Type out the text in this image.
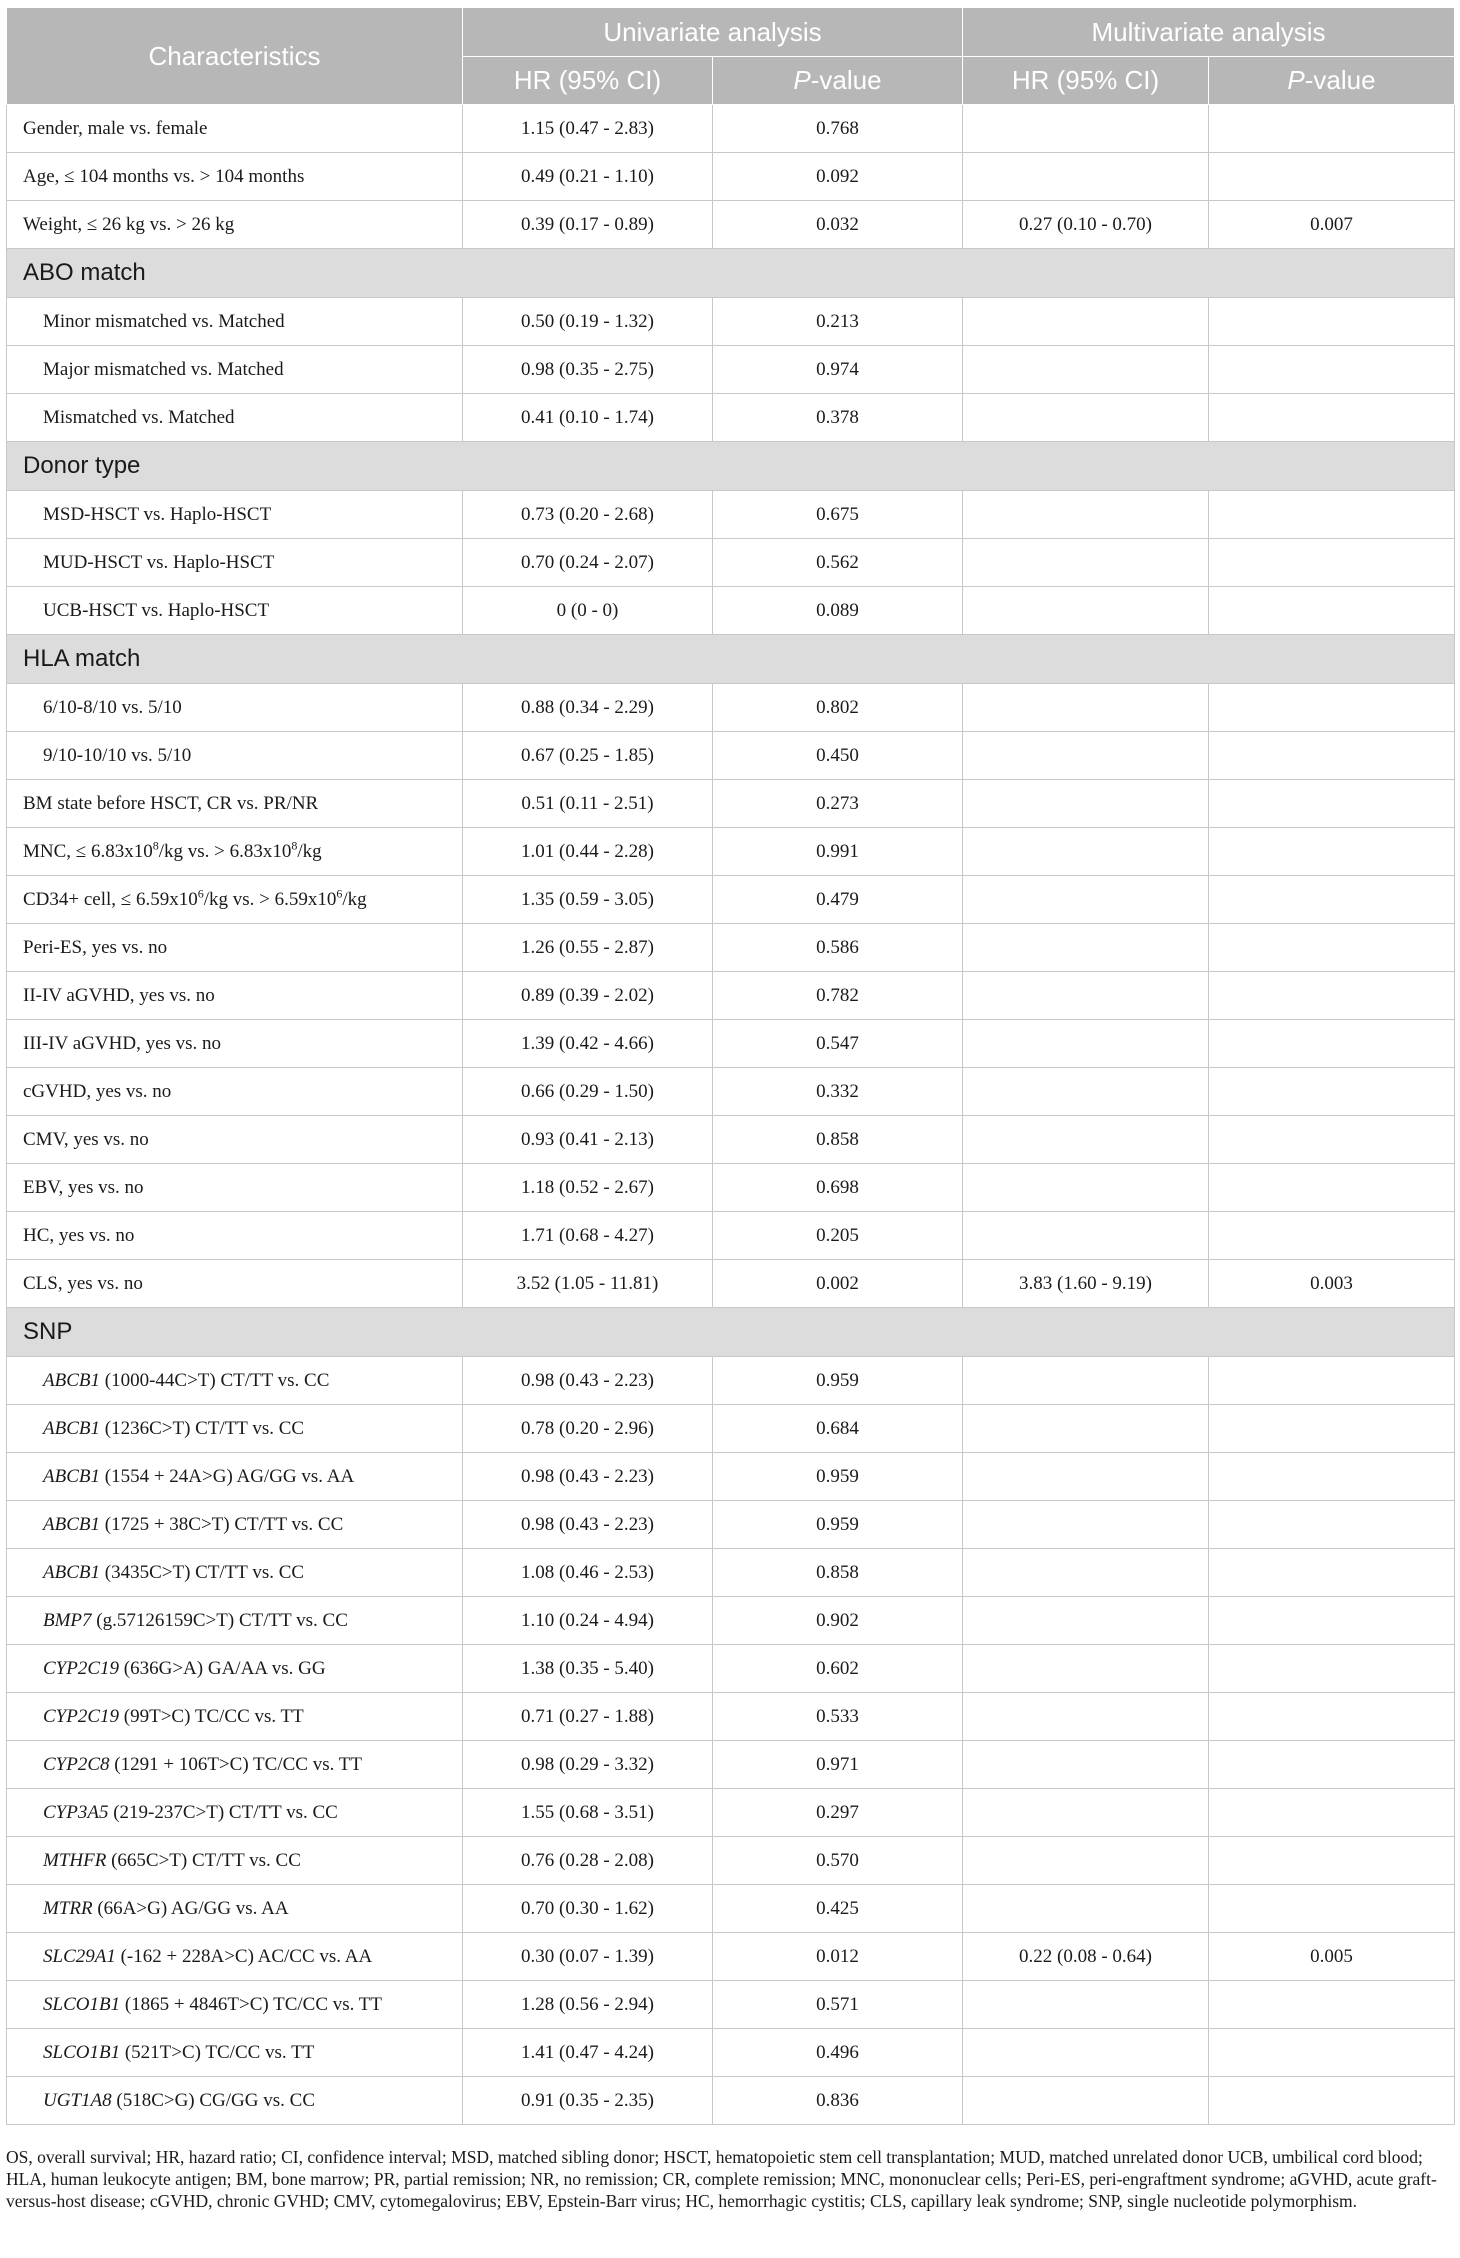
Characteristics	Univariate analysis		Multivariate analysis	
	HR (95% CI)	P-value	HR (95% CI)	P-value
Gender, male vs. female	1.15 (0.47 - 2.83)	0.768		
Age, ≤ 104 months vs. > 104 months	0.49 (0.21 - 1.10)	0.092		
Weight, ≤ 26 kg vs. > 26 kg	0.39 (0.17 - 0.89)	0.032	0.27 (0.10 - 0.70)	0.007
ABO match				
Minor mismatched vs. Matched	0.50 (0.19 - 1.32)	0.213		
Major mismatched vs. Matched	0.98 (0.35 - 2.75)	0.974		
Mismatched vs. Matched	0.41 (0.10 - 1.74)	0.378		
Donor type				
MSD-HSCT vs. Haplo-HSCT	0.73 (0.20 - 2.68)	0.675		
MUD-HSCT vs. Haplo-HSCT	0.70 (0.24 - 2.07)	0.562		
UCB-HSCT vs. Haplo-HSCT	0 (0 - 0)	0.089		
HLA match				
6/10-8/10 vs. 5/10	0.88 (0.34 - 2.29)	0.802		
9/10-10/10 vs. 5/10	0.67 (0.25 - 1.85)	0.450		
BM state before HSCT, CR vs. PR/NR	0.51 (0.11 - 2.51)	0.273		
MNC, ≤ $6.83x10^8/kg$ vs. > $6.83x10^8/kg$	1.01 (0.44 - 2.28)	0.991		
CD34+ cell, ≤ $6.59x10^6/kg$ vs. > $6.59x10^6/kg$	1.35 (0.59 - 3.05)	0.479		
Peri-ES, yes vs. no	1.26 (0.55 - 2.87)	0.586		
II-IV aGVHD, yes vs. no	0.89 (0.39 - 2.02)	0.782		
III-IV aGVHD, yes vs. no	1.39 (0.42 - 4.66)	0.547		
cGVHD, yes vs. no	0.66 (0.29 - 1.50)	0.332		
CMV, yes vs. no	0.93 (0.41 - 2.13)	0.858		
EBV, yes vs. no	1.18 (0.52 - 2.67)	0.698		
HC, yes vs. no	1.71 (0.68 - 4.27)	0.205		
CLS, yes vs. no	3.52 (1.05 - 11.81)	0.002	3.83 (1.60 - 9.19)	0.003
SNP				
ABCB1 (1000-44C>T) CT/TT vs. CC	0.98 (0.43 - 2.23)	0.959		
ABCB1 (1236C>T) CT/TT vs. CC	0.78 (0.20 - 2.96)	0.684		
ABCB1 (1554 + 24A>G) AG/GG vs. AA	0.98 (0.43 - 2.23)	0.959		
ABCB1 (1725 + 38C>T) CT/TT vs. CC	0.98 (0.43 - 2.23)	0.959		
ABCB1 (3435C>T) CT/TT vs. CC	1.08 (0.46 - 2.53)	0.858		
BMP7 (g.57126159C>T) CT/TT vs. CC	1.10 (0.24 - 4.94)	0.902		
CYP2C19 (636G>A) GA/AA vs. GG	1.38 (0.35 - 5.40)	0.602		
CYP2C19 (99T>C) TC/CC vs. TT	0.71 (0.27 - 1.88)	0.533		
CYP2C8 (1291 + 106T>C) TC/CC vs. TT	0.98 (0.29 - 3.32)	0.971		
CYP3A5 (219-237C>T) CT/TT vs. CC	1.55 (0.68 - 3.51)	0.297		
MTHFR (665C>T) CT/TT vs. CC	0.76 (0.28 - 2.08)	0.570		
MTRR (66A>G) AG/GG vs. AA	0.70 (0.30 - 1.62)	0.425		
SLC29A1 (-162 + 228A>C) AC/CC vs. AA	0.30 (0.07 - 1.39)	0.012	0.22 (0.08 - 0.64)	0.005
SLCO1B1 (1865 + 4846T>C) TC/CC vs. TT	1.28 (0.56 - 2.94)	0.571		
SLCO1B1 (521T>C) TC/CC vs. TT	1.41 (0.47 - 4.24)	0.496		
UGT1A8 (518C>G) CG/GG vs. CC	0.91 (0.35 - 2.35)	0.836		
OS, overall survival; HR, hazard ratio; CI, confidence interval; MSD, matched sibling donor; HSCT, hematopoietic stem cell transplantation; MUD, matched unrelated donor UCB, umbilical cord blood; HLA, human leukocyte antigen; BM, bone marrow; PR, partial remission; NR, no remission; CR, complete remission; MNC, mononuclear cells; Peri-ES, peri-engraftment syndrome; aGVHD, acute graft-versus-host disease; cGVHD, chronic GVHD; CMV, cytomegalovirus; EBV, Epstein-Barr virus; HC, hemorrhagic cystitis; CLS, capillary leak syndrome; SNP, single nucleotide polymorphism.
